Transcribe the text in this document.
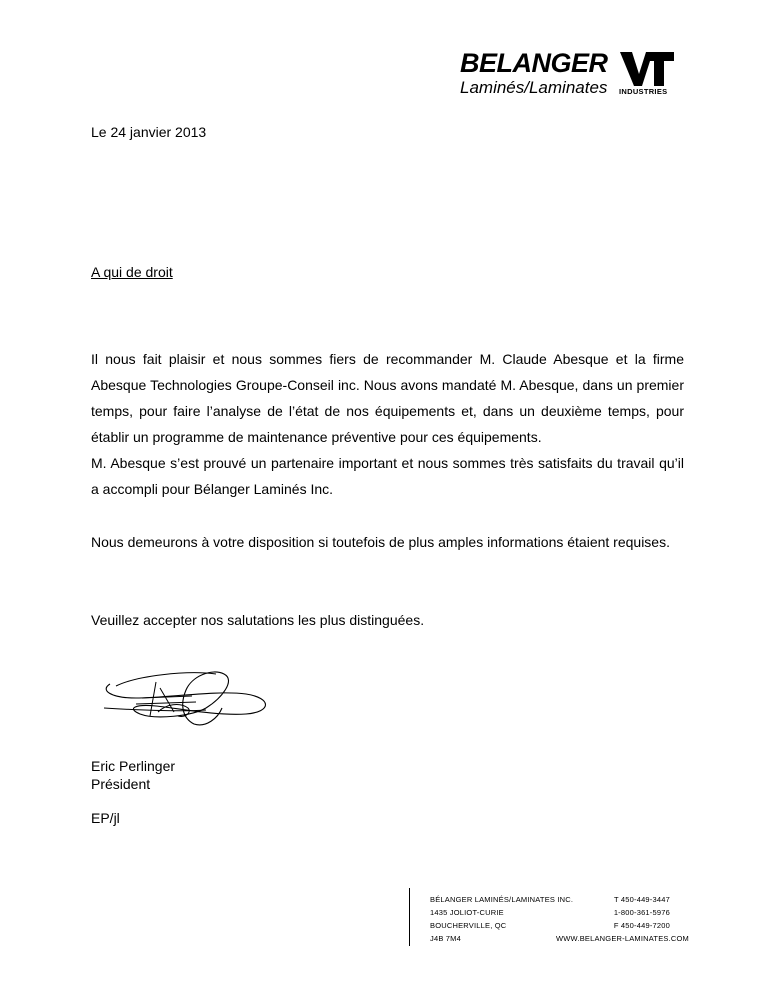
BELANGER
Laminés/Laminates INDUSTRIES
Le 24 janvier 2013
A qui de droit

Il nous fait plaisir et nous sommes fiers de recommander M. Claude Abesque et la firme Abesque Technologies Groupe-Conseil inc. Nous avons mandaté M. Abesque, dans un premier temps, pour faire l’analyse de l’état de nos équipements et, dans un deuxième temps, pour établir un programme de maintenance préventive pour ces équipements.

M. Abesque s’est prouvé un partenaire important et nous sommes très satisfaits du travail qu’il a accompli pour Bélanger Laminés Inc.

Nous demeurons à votre disposition si toutefois de plus amples informations étaient requises.

Veuillez accepter nos salutations les plus distinguées.

Eric Perlinger
Président
EP/jl
BÉLANGER LAMINÉS/LAMINATES INC.
1435 JOLIOT-CURIE
BOUCHERVILLE, QC
J4B 7M4
T 450-449-3447
1-800-361-5976
F 450-449-7200
WWW.BELANGER-LAMINATES.COM
